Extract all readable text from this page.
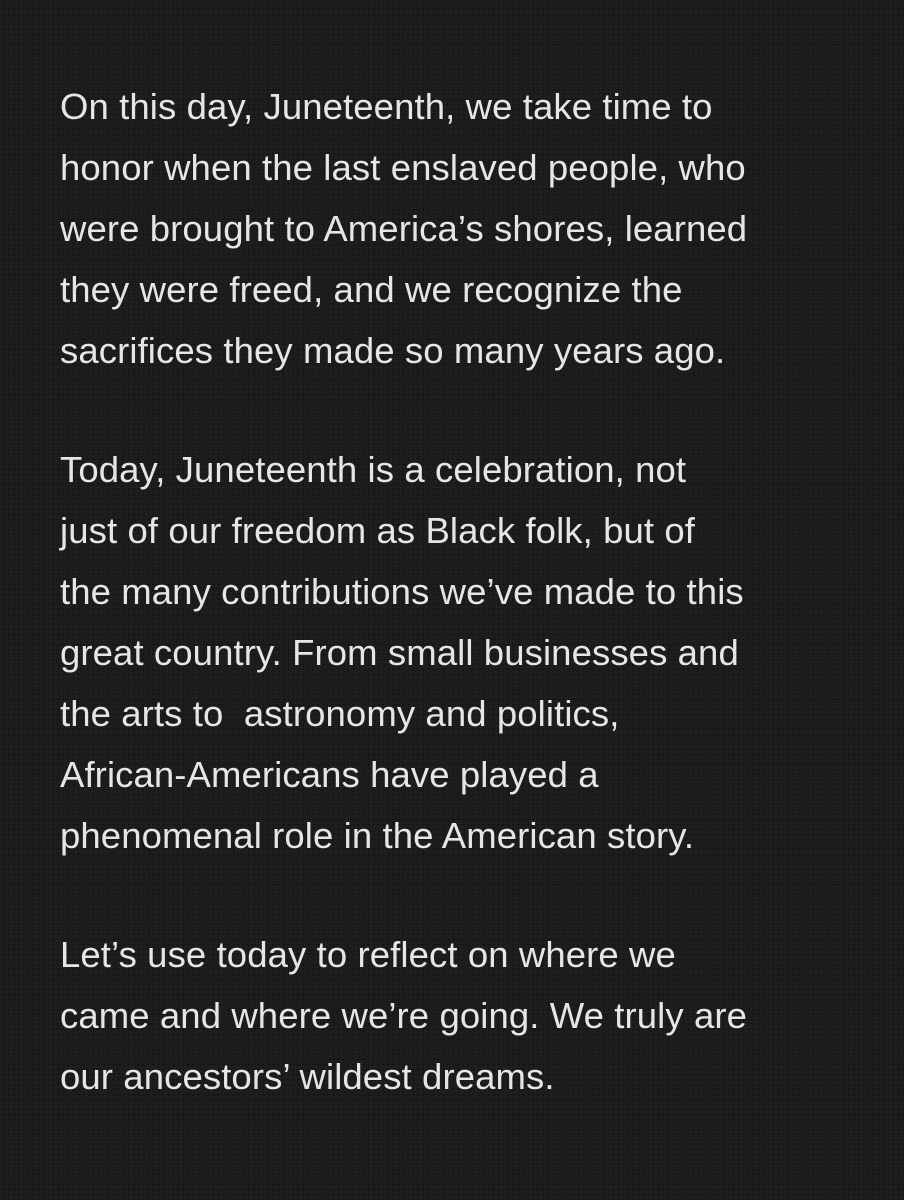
On this day, Juneteenth, we take time to
honor when the last enslaved people, who
were brought to America’s shores, learned
they were freed, and we recognize the
sacrifices they made so many years ago.

Today, Juneteenth is a celebration, not
just of our freedom as Black folk, but of
the many contributions we’ve made to this
great country. From small businesses and
the arts to  astronomy and politics,
African-Americans have played a
phenomenal role in the American story.

Let’s use today to reflect on where we
came and where we’re going. We truly are
our ancestors’ wildest dreams.
